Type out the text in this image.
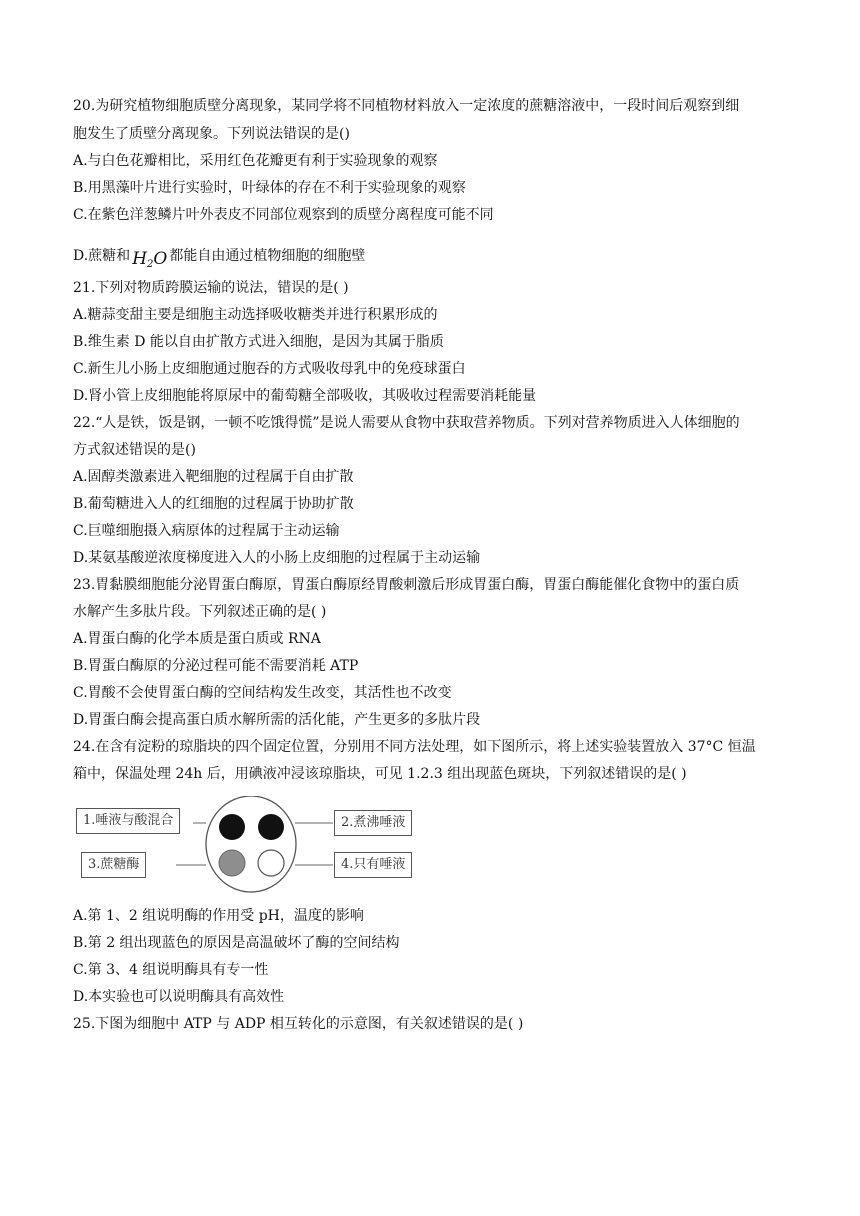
20.为研究植物细胞质壁分离现象，某同学将不同植物材料放入一定浓度的蔗糖溶液中，一段时间后观察到细
胞发生了质壁分离现象。下列说法错误的是()
A.与白色花瓣相比，采用红色花瓣更有利于实验现象的观察
B.用黑藻叶片进行实验时，叶绿体的存在不利于实验现象的观察
C.在紫色洋葱鳞片叶外表皮不同部位观察到的质壁分离程度可能不同
D.蔗糖和 $H_2O$ 都能自由通过植物细胞的细胞壁
21.下列对物质跨膜运输的说法，错误的是( )
A.糖蒜变甜主要是细胞主动选择吸收糖类并进行积累形成的
B.维生素 D 能以自由扩散方式进入细胞，是因为其属于脂质
C.新生儿小肠上皮细胞通过胞吞的方式吸收母乳中的免疫球蛋白
D.肾小管上皮细胞能将原尿中的葡萄糖全部吸收，其吸收过程需要消耗能量
22.“人是铁，饭是钢，一顿不吃饿得慌”是说人需要从食物中获取营养物质。下列对营养物质进入人体细胞的
方式叙述错误的是()
A.固醇类激素进入靶细胞的过程属于自由扩散
B.葡萄糖进入人的红细胞的过程属于协助扩散
C.巨噬细胞摄入病原体的过程属于主动运输
D.某氨基酸逆浓度梯度进入人的小肠上皮细胞的过程属于主动运输
23.胃黏膜细胞能分泌胃蛋白酶原，胃蛋白酶原经胃酸刺激后形成胃蛋白酶，胃蛋白酶能催化食物中的蛋白质
水解产生多肽片段。下列叙述正确的是( )
A.胃蛋白酶的化学本质是蛋白质或 RNA
B.胃蛋白酶原的分泌过程可能不需要消耗 ATP
C.胃酸不会使胃蛋白酶的空间结构发生改变，其活性也不改变
D.胃蛋白酶会提高蛋白质水解所需的活化能，产生更多的多肽片段
24.在含有淀粉的琼脂块的四个固定位置，分别用不同方法处理，如下图所示，将上述实验装置放入 37°C 恒温
箱中，保温处理 24h 后，用碘液冲浸该琼脂块，可见 1.2.3 组出现蓝色斑块，下列叙述错误的是( )
1.唾液与酸混合	2.煮沸唾液
3.蔗糖酶	4.只有唾液
A.第 1、2 组说明酶的作用受 pH，温度的影响
B.第 2 组出现蓝色的原因是高温破坏了酶的空间结构
C.第 3、4 组说明酶具有专一性
D.本实验也可以说明酶具有高效性
25.下图为细胞中 ATP 与 ADP 相互转化的示意图，有关叙述错误的是( )
